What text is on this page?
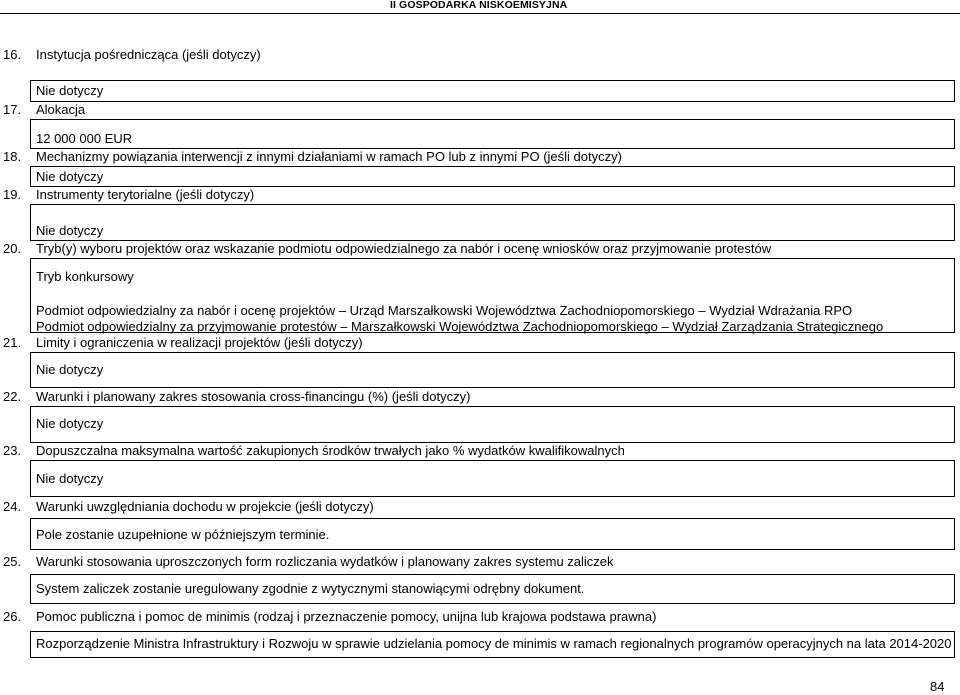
II GOSPODARKA NISKOEMISYJNA
16. Instytucja pośrednicząca (jeśli dotyczy)
Nie dotyczy
17. Alokacja
12 000 000 EUR
18. Mechanizmy powiązania interwencji z innymi działaniami w ramach PO lub z innymi PO (jeśli dotyczy)
Nie dotyczy
19. Instrumenty terytorialne (jeśli dotyczy)
Nie dotyczy
20. Tryb(y) wyboru projektów oraz wskazanie podmiotu odpowiedzialnego za nabór i ocenę wniosków oraz przyjmowanie protestów
Tryb konkursowy
Podmiot odpowiedzialny za nabór i ocenę projektów – Urząd Marszałkowski Województwa Zachodniopomorskiego – Wydział Wdrażania RPO
Podmiot odpowiedzialny za przyjmowanie protestów – Marszałkowski Województwa Zachodniopomorskiego – Wydział Zarządzania Strategicznego
21. Limity i ograniczenia w realizacji projektów (jeśli dotyczy)
Nie dotyczy
22. Warunki i planowany zakres stosowania cross-financingu (%) (jeśli dotyczy)
Nie dotyczy
23. Dopuszczalna maksymalna wartość zakupionych środków trwałych jako % wydatków kwalifikowalnych
Nie dotyczy
24. Warunki uwzględniania dochodu w projekcie (jeśli dotyczy)
Pole zostanie uzupełnione w późniejszym terminie.
25. Warunki stosowania uproszczonych form rozliczania wydatków i planowany zakres systemu zaliczek
System zaliczek zostanie uregulowany zgodnie z wytycznymi stanowiącymi odrębny dokument.
26. Pomoc publiczna i pomoc de minimis (rodzaj i przeznaczenie pomocy, unijna lub krajowa podstawa prawna)
Rozporządzenie Ministra Infrastruktury i Rozwoju w sprawie udzielania pomocy de minimis w ramach regionalnych programów operacyjnych na lata 2014-2020
84
